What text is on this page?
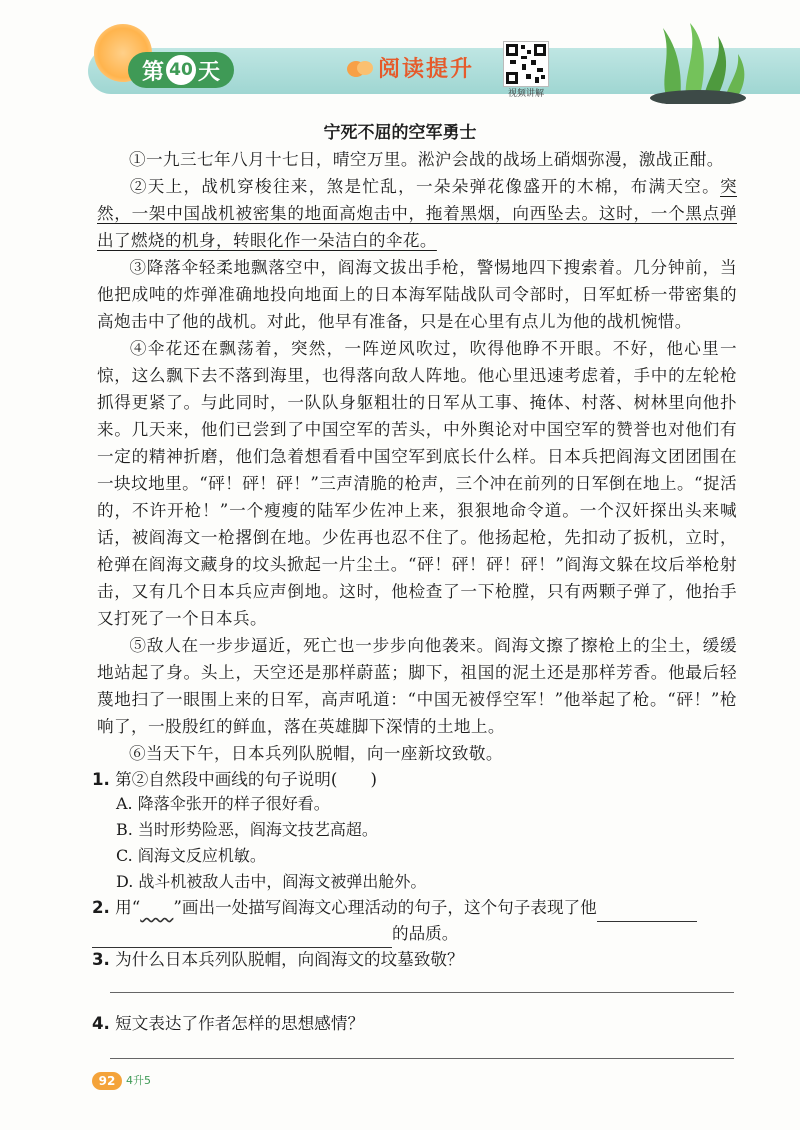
第 40 天	阅读提升
视频讲解
宁死不屈的空军勇士
①一九三七年八月十七日，晴空万里。淞沪会战的战场上硝烟弥漫，激战正酣。
②天上，战机穿梭往来，煞是忙乱，一朵朵弹花像盛开的木棉，布满天空。突然，一架中国战机被密集的地面高炮击中，拖着黑烟，向西坠去。这时，一个黑点弹出了燃烧的机身，转眼化作一朵洁白的伞花。
③降落伞轻柔地飘落空中，阎海文拔出手枪，警惕地四下搜索着。几分钟前，当他把成吨的炸弹准确地投向地面上的日本海军陆战队司令部时，日军虹桥一带密集的高炮击中了他的战机。对此，他早有准备，只是在心里有点儿为他的战机惋惜。
④伞花还在飘荡着，突然，一阵逆风吹过，吹得他睁不开眼。不好，他心里一惊，这么飘下去不落到海里，也得落向敌人阵地。他心里迅速考虑着，手中的左轮枪抓得更紧了。与此同时，一队队身躯粗壮的日军从工事、掩体、村落、树林里向他扑来。几天来，他们已尝到了中国空军的苦头，中外舆论对中国空军的赞誉也对他们有一定的精神折磨，他们急着想看看中国空军到底长什么样。日本兵把阎海文团团围在一块坟地里。“砰！砰！砰！”三声清脆的枪声，三个冲在前列的日军倒在地上。“捉活的，不许开枪！”一个瘦瘦的陆军少佐冲上来，狠狠地命令道。一个汉奸探出头来喊话，被阎海文一枪撂倒在地。少佐再也忍不住了。他扬起枪，先扣动了扳机，立时，枪弹在阎海文藏身的坟头掀起一片尘土。“砰！砰！砰！砰！”阎海文躲在坟后举枪射击，又有几个日本兵应声倒地。这时，他检查了一下枪膛，只有两颗子弹了，他抬手又打死了一个日本兵。
⑤敌人在一步步逼近，死亡也一步步向他袭来。阎海文擦了擦枪上的尘土，缓缓地站起了身。头上，天空还是那样蔚蓝；脚下，祖国的泥土还是那样芳香。他最后轻蔑地扫了一眼围上来的日军，高声吼道：“中国无被俘空军！”他举起了枪。“砰！”枪响了，一股殷红的鲜血，落在英雄脚下深情的土地上。
⑥当天下午，日本兵列队脱帽，向一座新坟致敬。
1. 第②自然段中画线的句子说明(　　)
A. 降落伞张开的样子很好看。
B. 当时形势险恶，阎海文技艺高超。
C. 阎海文反应机敏。
D. 战斗机被敌人击中，阎海文被弹出舱外。
2. 用“　　 ”画出一处描写阎海文心理活动的句子，这个句子表现了他
的品质。
3. 为什么日本兵列队脱帽，向阎海文的坟墓致敬？
4. 短文表达了作者怎样的思想感情？
92 4升5
